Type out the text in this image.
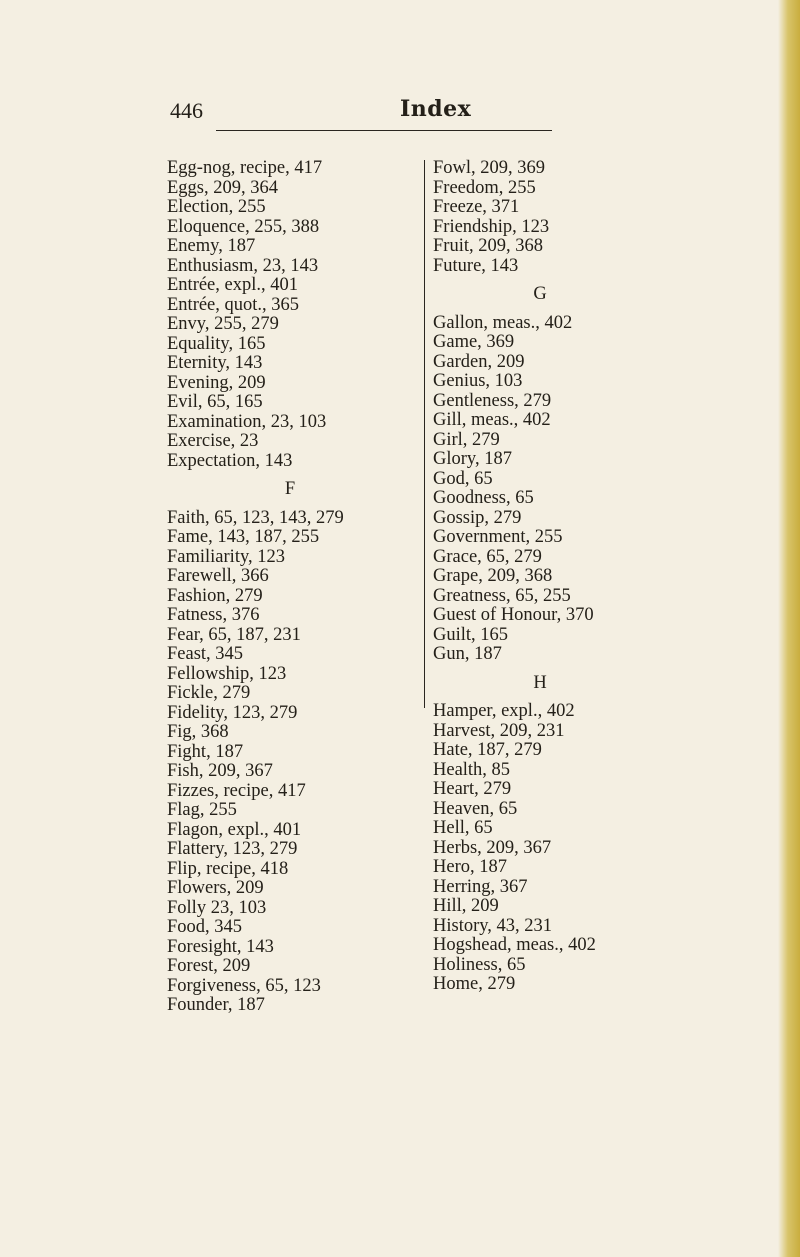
446	Index
Egg-nog, recipe, 417
Eggs, 209, 364
Election, 255
Eloquence, 255, 388
Enemy, 187
Enthusiasm, 23, 143
Entrée, expl., 401
Entrée, quot., 365
Envy, 255, 279
Equality, 165
Eternity, 143
Evening, 209
Evil, 65, 165
Examination, 23, 103
Exercise, 23
Expectation, 143
F
Faith, 65, 123, 143, 279
Fame, 143, 187, 255
Familiarity, 123
Farewell, 366
Fashion, 279
Fatness, 376
Fear, 65, 187, 231
Feast, 345
Fellowship, 123
Fickle, 279
Fidelity, 123, 279
Fig, 368
Fight, 187
Fish, 209, 367
Fizzes, recipe, 417
Flag, 255
Flagon, expl., 401
Flattery, 123, 279
Flip, recipe, 418
Flowers, 209
Folly 23, 103
Food, 345
Foresight, 143
Forest, 209
Forgiveness, 65, 123
Founder, 187
Fowl, 209, 369
Freedom, 255
Freeze, 371
Friendship, 123
Fruit, 209, 368
Future, 143
G
Gallon, meas., 402
Game, 369
Garden, 209
Genius, 103
Gentleness, 279
Gill, meas., 402
Girl, 279
Glory, 187
God, 65
Goodness, 65
Gossip, 279
Government, 255
Grace, 65, 279
Grape, 209, 368
Greatness, 65, 255
Guest of Honour, 370
Guilt, 165
Gun, 187
H
Hamper, expl., 402
Harvest, 209, 231
Hate, 187, 279
Health, 85
Heart, 279
Heaven, 65
Hell, 65
Herbs, 209, 367
Hero, 187
Herring, 367
Hill, 209
History, 43, 231
Hogshead, meas., 402
Holiness, 65
Home, 279
